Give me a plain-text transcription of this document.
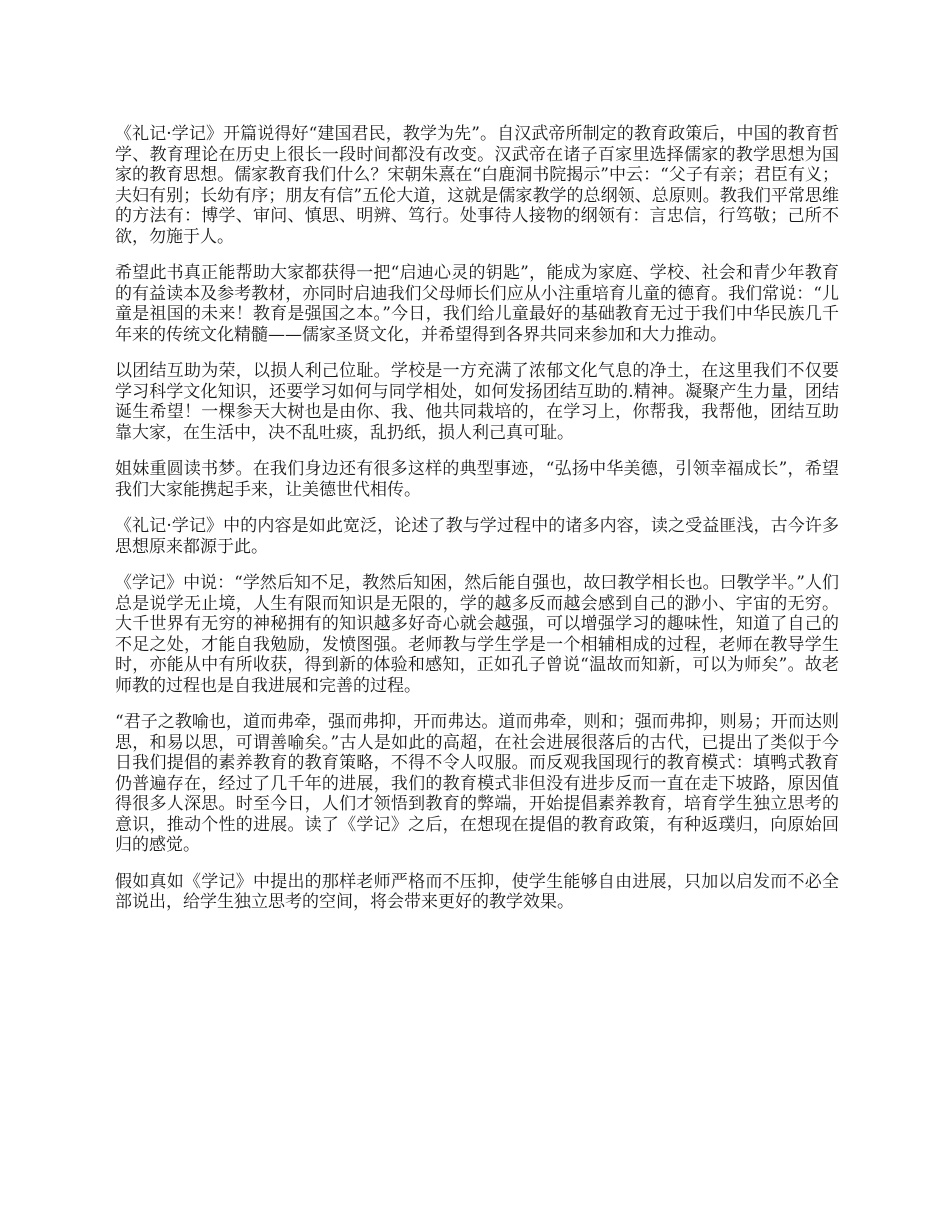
《礼记·学记》开篇说得好“建国君民，教学为先”。自汉武帝所制定的教育政策后，中国的教育哲学、教育理论在历史上很长一段时间都没有改变。汉武帝在诸子百家里选择儒家的教学思想为国家的教育思想。儒家教育我们什么？宋朝朱熹在“白鹿洞书院揭示”中云：“父子有亲；君臣有义；夫妇有别；长幼有序；朋友有信”五伦大道，这就是儒家教学的总纲领、总原则。教我们平常思维的方法有：博学、审问、慎思、明辨、笃行。处事待人接物的纲领有：言忠信，行笃敬；己所不欲，勿施于人。

希望此书真正能帮助大家都获得一把“启迪心灵的钥匙”，能成为家庭、学校、社会和青少年教育的有益读本及参考教材，亦同时启迪我们父母师长们应从小注重培育儿童的德育。我们常说：“儿童是祖国的未来！教育是强国之本。”今日，我们给儿童最好的基础教育无过于我们中华民族几千年来的传统文化精髓——儒家圣贤文化，并希望得到各界共同来参加和大力推动。

以团结互助为荣，以损人利己位耻。学校是一方充满了浓郁文化气息的净土，在这里我们不仅要学习科学文化知识，还要学习如何与同学相处，如何发扬团结互助的.精神。凝聚产生力量，团结诞生希望！一棵参天大树也是由你、我、他共同栽培的，在学习上，你帮我，我帮他，团结互助靠大家，在生活中，决不乱吐痰，乱扔纸，损人利己真可耻。

姐妹重圆读书梦。在我们身边还有很多这样的典型事迹，“弘扬中华美德，引领幸福成长”，希望我们大家能携起手来，让美德世代相传。

《礼记·学记》中的内容是如此宽泛，论述了教与学过程中的诸多内容，读之受益匪浅，古今许多思想原来都源于此。

《学记》中说：“学然后知不足，教然后知困，然后能自强也，故曰教学相长也。曰斆学半。”人们总是说学无止境，人生有限而知识是无限的，学的越多反而越会感到自己的渺小、宇宙的无穷。大千世界有无穷的神秘拥有的知识越多好奇心就会越强，可以增强学习的趣味性，知道了自己的不足之处，才能自我勉励，发愤图强。老师教与学生学是一个相辅相成的过程，老师在教导学生时，亦能从中有所收获，得到新的体验和感知，正如孔子曾说“温故而知新，可以为师矣”。故老师教的过程也是自我进展和完善的过程。

“君子之教喻也，道而弗牵，强而弗抑，开而弗达。道而弗牵，则和；强而弗抑，则易；开而达则思，和易以思，可谓善喻矣。”古人是如此的高超，在社会进展很落后的古代，已提出了类似于今日我们提倡的素养教育的教育策略，不得不令人叹服。而反观我国现行的教育模式：填鸭式教育仍普遍存在，经过了几千年的进展，我们的教育模式非但没有进步反而一直在走下坡路，原因值得很多人深思。时至今日，人们才领悟到教育的弊端，开始提倡素养教育，培育学生独立思考的意识，推动个性的进展。读了《学记》之后，在想现在提倡的教育政策，有种返璞归，向原始回归的感觉。

假如真如《学记》中提出的那样老师严格而不压抑，使学生能够自由进展，只加以启发而不必全部说出，给学生独立思考的空间，将会带来更好的教学效果。
